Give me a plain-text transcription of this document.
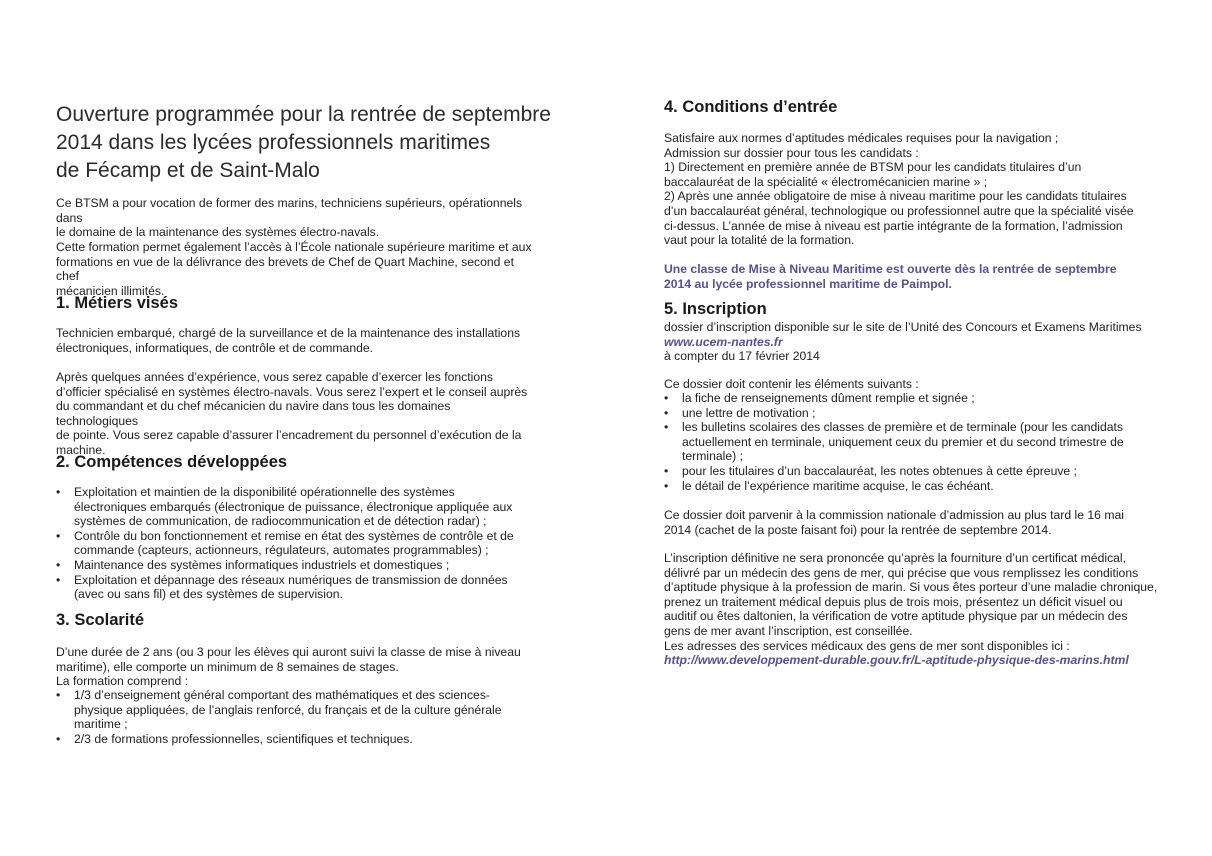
Ouverture programmée pour la rentrée de septembre
2014 dans les lycées professionnels maritimes
de Fécamp et de Saint-Malo

Ce BTSM a pour vocation de former des marins, techniciens supérieurs, opérationnels dans
le domaine de la maintenance des systèmes électro-navals.

Cette formation permet également l’accès à l’École nationale supérieure maritime et aux
formations en vue de la délivrance des brevets de Chef de Quart Machine, second et chef
mécanicien illimités.

1. Métiers visés

Technicien embarqué, chargé de la surveillance et de la maintenance des installations
électroniques, informatiques, de contrôle et de commande.

Après quelques années d’expérience, vous serez capable d’exercer les fonctions
d’officier spécialisé en systèmes électro-navals. Vous serez l’expert et le conseil auprès
du commandant et du chef mécanicien du navire dans tous les domaines technologiques
de pointe. Vous serez capable d’assurer l’encadrement du personnel d’exécution de la
machine.

2. Compétences développées
• Exploitation et maintien de la disponibilité opérationnelle des systèmes
électroniques embarqués (électronique de puissance, électronique appliquée aux
systèmes de communication, de radiocommunication et de détection radar) ;
• Contrôle du bon fonctionnement et remise en état des systèmes de contrôle et de
commande (capteurs, actionneurs, régulateurs, automates programmables) ;
• Maintenance des systèmes informatiques industriels et domestiques ;
• Exploitation et dépannage des réseaux numériques de transmission de données
(avec ou sans fil) et des systèmes de supervision.
3. Scolarité

D’une durée de 2 ans (ou 3 pour les élèves qui auront suivi la classe de mise à niveau
maritime), elle comporte un minimum de 8 semaines de stages.
La formation comprend :

• 1/3 d’enseignement général comportant des mathématiques et des sciences-
physique appliquées, de l’anglais renforcé, du français et de la culture générale
maritime ;
• 2/3 de formations professionnelles, scientifiques et techniques.
4. Conditions d’entrée

Satisfaire aux normes d’aptitudes médicales requises pour la navigation ;
Admission sur dossier pour tous les candidats :
1) Directement en première année de BTSM pour les candidats titulaires d’un
baccalauréat de la spécialité « électromécanicien marine » ;
2) Après une année obligatoire de mise à niveau maritime pour les candidats titulaires
d’un baccalauréat général, technologique ou professionnel autre que la spécialité visée
ci-dessus. L’année de mise à niveau est partie intégrante de la formation, l’admission
vaut pour la totalité de la formation.

Une classe de Mise à Niveau Maritime est ouverte dès la rentrée de septembre
2014 au lycée professionnel maritime de Paimpol.

5. Inscription

dossier d’inscription disponible sur le site de l’Unité des Concours et Examens Maritimes
www.ucem-nantes.fr
à compter du 17 février 2014

Ce dossier doit contenir les éléments suivants :

• la fiche de renseignements dûment remplie et signée ;
• une lettre de motivation ;
• les bulletins scolaires des classes de première et de terminale (pour les candidats
actuellement en terminale, uniquement ceux du premier et du second trimestre de
terminale) ;
• pour les titulaires d’un baccalauréat, les notes obtenues à cette épreuve ;
• le détail de l’expérience maritime acquise, le cas échéant.

Ce dossier doit parvenir à la commission nationale d’admission au plus tard le 16 mai
2014 (cachet de la poste faisant foi) pour la rentrée de septembre 2014.

L’inscription définitive ne sera prononcée qu’après la fourniture d’un certificat médical,
délivré par un médecin des gens de mer, qui précise que vous remplissez les conditions
d’aptitude physique à la profession de marin. Si vous êtes porteur d’une maladie chronique,
prenez un traitement médical depuis plus de trois mois, présentez un déficit visuel ou
auditif ou êtes daltonien, la vérification de votre aptitude physique par un médecin des
gens de mer avant l’inscription, est conseillée.
Les adresses des services médicaux des gens de mer sont disponibles ici :
http://www.developpement-durable.gouv.fr/L-aptitude-physique-des-marins.html
